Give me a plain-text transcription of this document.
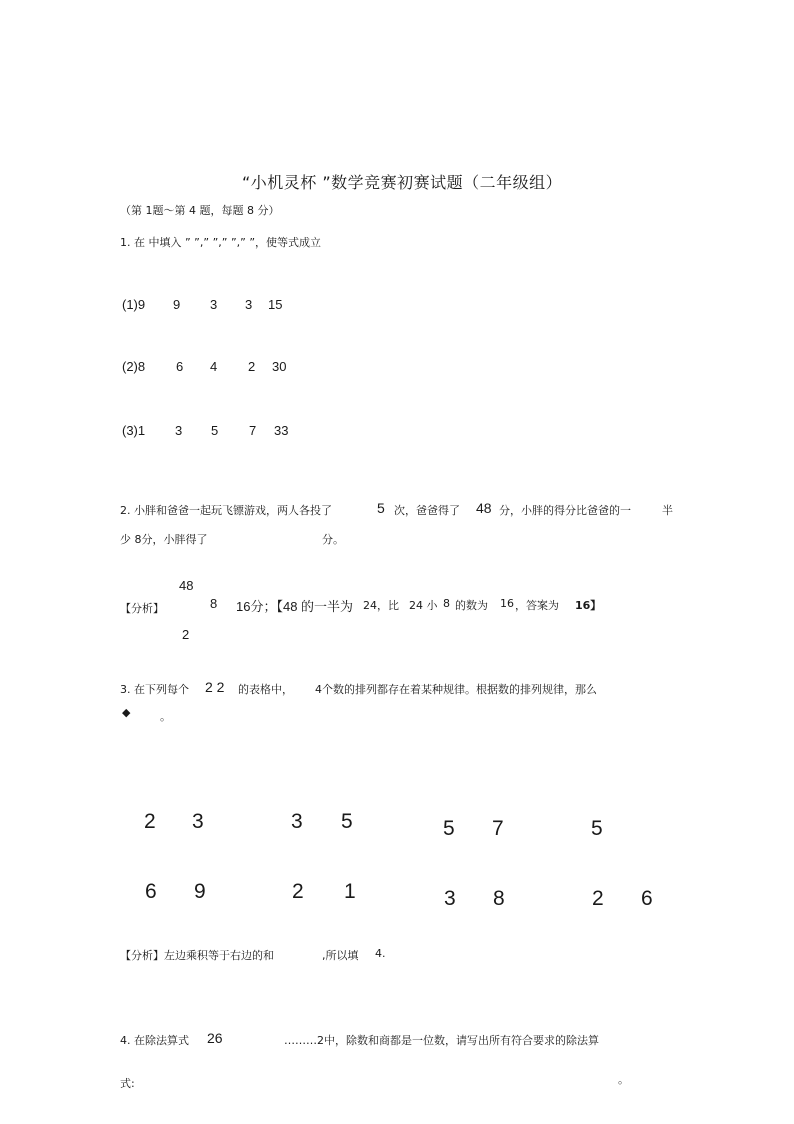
“小机灵杯 ”数学竞赛初赛试题（二年级组）
（第 1题～第 4 题，每题 8 分）
1. 在 中填入 ” ”,” ”,” ”,” ”，使等式成立
(1)9 9 3 3 15
(2)8 6 4 2 30
(3)1 3 5 7 33
2. 小胖和爸爸一起玩飞镖游戏，两人各投了	5 次，爸爸得了 48 分，小胖的得分比爸爸的一	半
少 8分，小胖得了	分。
【分析】
48
2
8 16分；【48 的一半为 24，比 24 小 8 的数为 16 ，答案为 16】
3. 在下列每个 2 2 的表格中， 4个数的排列都存在着某种规律。根据数的排列规律，那么
◆	。
2 3
6 9
3 5
2 1
5 7
3 8
5
2 6
【分析】左边乘积等于右边的和	,所以填 4.
4. 在除法算式 26	………2中，除数和商都是一位数，请写出所有符合要求的除法算
式:	。
